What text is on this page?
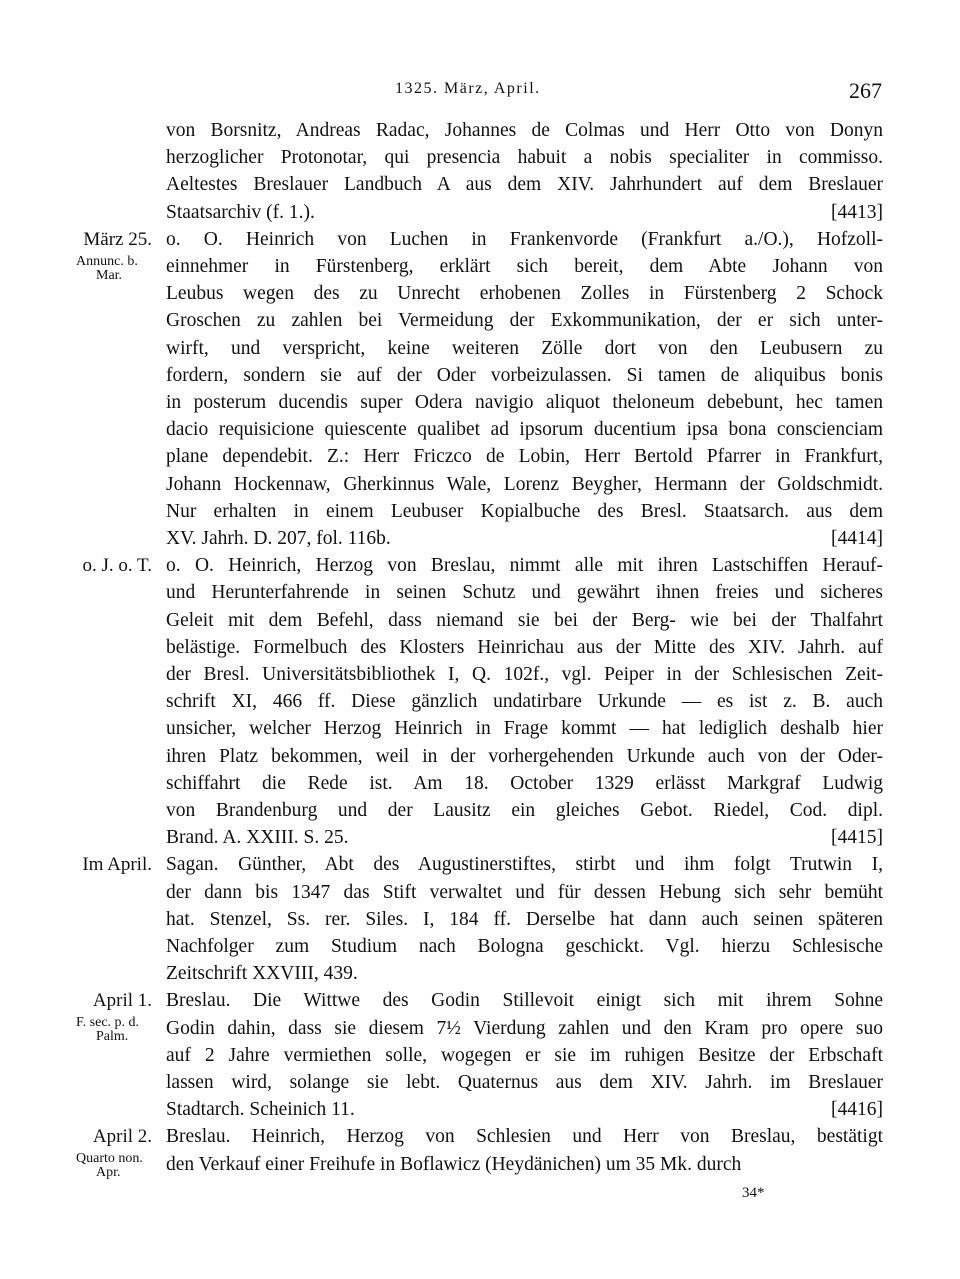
1325. März, April.	267
von Borsnitz, Andreas Radac, Johannes de Colmas und Herr Otto von Donyn
herzoglicher Protonotar, qui presencia habuit a nobis specialiter in commisso.
Aeltestes Breslauer Landbuch A aus dem XIV. Jahrhundert auf dem Breslauer
Staatsarchiv (f. 1.).	[4413]
März 25.
Annunc. b.
Mar.
o. O. Heinrich von Luchen in Frankenvorde (Frankfurt a./O.), Hofzoll-
einnehmer in Fürstenberg, erklärt sich bereit, dem Abte Johann von
Leubus wegen des zu Unrecht erhobenen Zolles in Fürstenberg 2 Schock
Groschen zu zahlen bei Vermeidung der Exkommunikation, der er sich unter-
wirft, und verspricht, keine weiteren Zölle dort von den Leubusern zu
fordern, sondern sie auf der Oder vorbeizulassen. Si tamen de aliquibus bonis
in posterum ducendis super Odera navigio aliquot theloneum debebunt, hec tamen
dacio requisicione quiescente qualibet ad ipsorum ducentium ipsa bona conscienciam
plane dependebit. Z.: Herr Friczco de Lobin, Herr Bertold Pfarrer in Frankfurt,
Johann Hockennaw, Gherkinnus Wale, Lorenz Beygher, Hermann der Goldschmidt.
Nur erhalten in einem Leubuser Kopialbuche des Bresl. Staatsarch. aus dem
XV. Jahrh. D. 207, fol. 116b.	[4414]
o. J. o. T. o. O. Heinrich, Herzog von Breslau, nimmt alle mit ihren Lastschiffen Herauf-
und Herunterfahrende in seinen Schutz und gewährt ihnen freies und sicheres
Geleit mit dem Befehl, dass niemand sie bei der Berg- wie bei der Thalfahrt
belästige. Formelbuch des Klosters Heinrichau aus der Mitte des XIV. Jahrh. auf
der Bresl. Universitätsbibliothek I, Q. 102f., vgl. Peiper in der Schlesischen Zeit-
schrift XI, 466 ff. Diese gänzlich undatirbare Urkunde — es ist z. B. auch
unsicher, welcher Herzog Heinrich in Frage kommt — hat lediglich deshalb hier
ihren Platz bekommen, weil in der vorhergehenden Urkunde auch von der Oder-
schiffahrt die Rede ist. Am 18. October 1329 erlässt Markgraf Ludwig
von Brandenburg und der Lausitz ein gleiches Gebot. Riedel, Cod. dipl.
Brand. A. XXIII. S. 25.	[4415]
Im April. Sagan. Günther, Abt des Augustinerstiftes, stirbt und ihm folgt Trutwin I,
der dann bis 1347 das Stift verwaltet und für dessen Hebung sich sehr bemüht
hat. Stenzel, Ss. rer. Siles. I, 184 ff. Derselbe hat dann auch seinen späteren
Nachfolger zum Studium nach Bologna geschickt. Vgl. hierzu Schlesische
Zeitschrift XXVIII, 439.
April 1.
F. sec. p. d.
Palm.
Breslau. Die Wittwe des Godin Stillevoit einigt sich mit ihrem Sohne
Godin dahin, dass sie diesem 7½ Vierdung zahlen und den Kram pro opere suo
auf 2 Jahre vermiethen solle, wogegen er sie im ruhigen Besitze der Erbschaft
lassen wird, solange sie lebt. Quaternus aus dem XIV. Jahrh. im Breslauer
Stadtarch. Scheinich 11.	[4416]
April 2.
Quarto non.
Apr.
Breslau. Heinrich, Herzog von Schlesien und Herr von Breslau, bestätigt
den Verkauf einer Freihufe in Boflawicz (Heydänichen) um 35 Mk. durch
34*
